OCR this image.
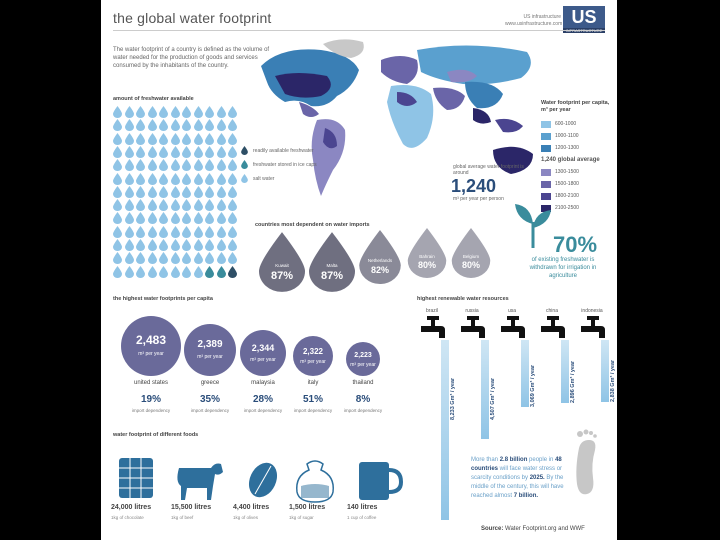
the global water footprint	US infrastructure www.usinfrastructure.com US
The water footprint of a country is defined as the volume of water needed for the production of goods and services consumed by the inhabitants of the country.
Water footprint per capita, m³ per year
600-1000
1000-1100
1200-1300
1,240 global average
1300-1500
1500-1800
1800-2100
2100-2500
amount of freshwater available
readily available freshwater
freshwater stored in ice caps
salt water
global average water footprint is around
1,240
m³ per year per person
countries most dependent on water imports
Kuwait
87%
Malta
87%
Netherlands
82%
Bahrain
80%
Belgium
80%
70%
of existing freshwater is withdrawn for irrigation in agriculture
the highest water footprints per capita
2,483
m³ per year
united states
19%
import dependency
2,389
m³ per year
greece
35%
import dependency
2,344
m³ per year
malaysia
28%
import dependency
2,322
m³ per year
italy
51%
import dependency
2,223
m³ per year
thailand
8%
import dependency
highest renewable water resources
brazil
8,233 Gm³ / year
russia
4,507 Gm³ / year
usa
3,069 Gm³ / year
china
2,896 Gm³ / year
indonesia
2,838 Gm³ / year
More than 2.8 billion people in 48 countries will face water stress or scarcity conditions by 2025. By the middle of the century, this will have reached almost 7 billion.
water footprint of different foods
24,000 litres
1kg of chocolate
15,500 litres
1kg of beef
4,400 litres
1kg of olives
1,500 litres
1kg of sugar
140 litres
1 cup of coffee
Source: Water Footprint.org and WWF
